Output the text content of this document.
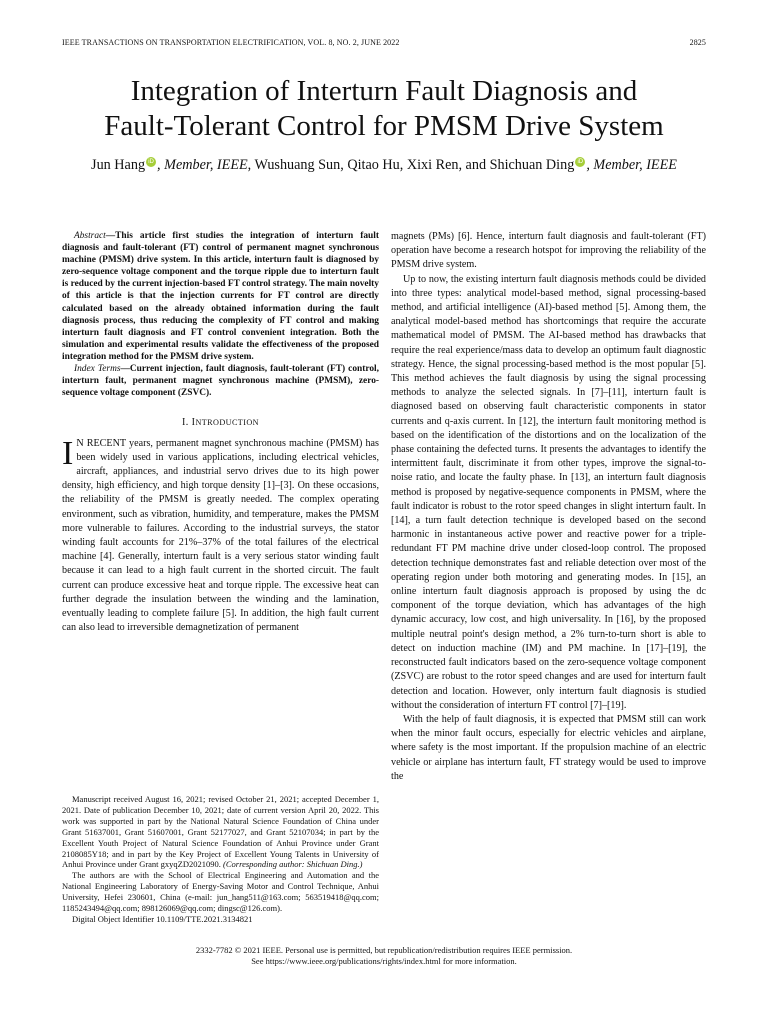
IEEE TRANSACTIONS ON TRANSPORTATION ELECTRIFICATION, VOL. 8, NO. 2, JUNE 2022	2825
Integration of Interturn Fault Diagnosis and
Fault-Tolerant Control for PMSM Drive System
Jun Hang iD , Member, IEEE, Wushuang Sun, Qitao Hu, Xixi Ren, and Shichuan Ding iD , Member, IEEE

Abstract—This article first studies the integration of interturn fault diagnosis and fault-tolerant (FT) control of permanent magnet synchronous machine (PMSM) drive system. In this article, interturn fault is diagnosed by zero-sequence voltage component and the torque ripple due to interturn fault is reduced by the current injection-based FT control strategy. The main novelty of this article is that the injection currents for FT control are directly calculated based on the already obtained information during the fault diagnosis process, thus reducing the complexity of FT control and making interturn fault diagnosis and FT control convenient integration. Both the simulation and experimental results validate the effectiveness of the proposed integration method for the PMSM drive system.

Index Terms—Current injection, fault diagnosis, fault-tolerant (FT) control, interturn fault, permanent magnet synchronous machine (PMSM), zero-sequence voltage component (ZSVC).

I. INTRODUCTION

I N RECENT years, permanent magnet synchronous machine (PMSM) has been widely used in various applications, including electrical vehicles, aircraft, appliances, and industrial servo drives due to its high power density, high efficiency, and high torque density [1]–[3]. On these occasions, the reliability of the PMSM is greatly needed. The complex operating environment, such as vibration, humidity, and temperature, makes the PMSM more vulnerable to failures. According to the industrial surveys, the stator winding fault accounts for 21%–37% of the total failures of the electrical machine [4]. Generally, interturn fault is a very serious stator winding fault because it can lead to a high fault current in the shorted circuit. The fault current can produce excessive heat and torque ripple. The excessive heat can further degrade the insulation between the winding and the lamination, eventually leading to complete failure [5]. In addition, the high fault current can also lead to irreversible demagnetization of permanent

Manuscript received August 16, 2021; revised October 21, 2021; accepted December 1, 2021. Date of publication December 10, 2021; date of current version April 20, 2022. This work was supported in part by the National Natural Science Foundation of China under Grant 51637001, Grant 51607001, Grant 52177027, and Grant 52107034; in part by the Excellent Youth Project of Natural Science Foundation of Anhui Province under Grant 2108085Y18; and in part by the Key Project of Excellent Young Talents in University of Anhui Province under Grant gxyqZD2021090. (Corresponding author: Shichuan Ding.)

The authors are with the School of Electrical Engineering and Automation and the National Engineering Laboratory of Energy-Saving Motor and Control Technique, Anhui University, Hefei 230601, China (e-mail: jun_hang511@163.com; 563519418@qq.com; 1185243494@qq.com; 898126069@qq.com; dingsc@126.com).

Digital Object Identifier 10.1109/TTE.2021.3134821

magnets (PMs) [6]. Hence, interturn fault diagnosis and fault-tolerant (FT) operation have become a research hotspot for improving the reliability of the PMSM drive system.

Up to now, the existing interturn fault diagnosis methods could be divided into three types: analytical model-based method, signal processing-based method, and artificial intelligence (AI)-based method [5]. Among them, the analytical model-based method has shortcomings that require the accurate mathematical model of PMSM. The AI-based method has drawbacks that require the real experience/mass data to develop an optimum fault diagnostic strategy. Hence, the signal processing-based method is the most popular [5]. This method achieves the fault diagnosis by using the signal processing methods to analyze the selected signals. In [7]–[11], interturn fault is diagnosed based on observing fault characteristic components in stator currents and q-axis current. In [12], the interturn fault monitoring method is based on the identification of the distortions and on the localization of the phase containing the defected turns. It presents the advantages to identify the intermittent fault, discriminate it from other types, improve the signal-to-noise ratio, and locate the faulty phase. In [13], an interturn fault diagnosis method is proposed by negative-sequence components in PMSM, where the fault indicator is robust to the rotor speed changes in slight interturn fault. In [14], a turn fault detection technique is developed based on the second harmonic in instantaneous active power and reactive power for a triple-redundant FT PM machine drive under closed-loop control. The proposed detection technique demonstrates fast and reliable detection over most of the operating region under both motoring and generating modes. In [15], an online interturn fault diagnosis approach is proposed by using the dc component of the torque deviation, which has advantages of the high dynamic accuracy, low cost, and high universality. In [16], by the proposed multiple neutral point's design method, a 2% turn-to-turn short is able to detect on induction machine (IM) and PM machine. In [17]–[19], the reconstructed fault indicators based on the zero-sequence voltage component (ZSVC) are robust to the rotor speed changes and are used for interturn fault detection and location. However, only interturn fault diagnosis is studied without the consideration of interturn FT control [7]–[19].

With the help of fault diagnosis, it is expected that PMSM still can work when the minor fault occurs, especially for electric vehicles and airplane, where safety is the most important. If the propulsion machine of an electric vehicle or airplane has interturn fault, FT strategy would be used to improve the

2332-7782 © 2021 IEEE. Personal use is permitted, but republication/redistribution requires IEEE permission.
See https://www.ieee.org/publications/rights/index.html for more information.
